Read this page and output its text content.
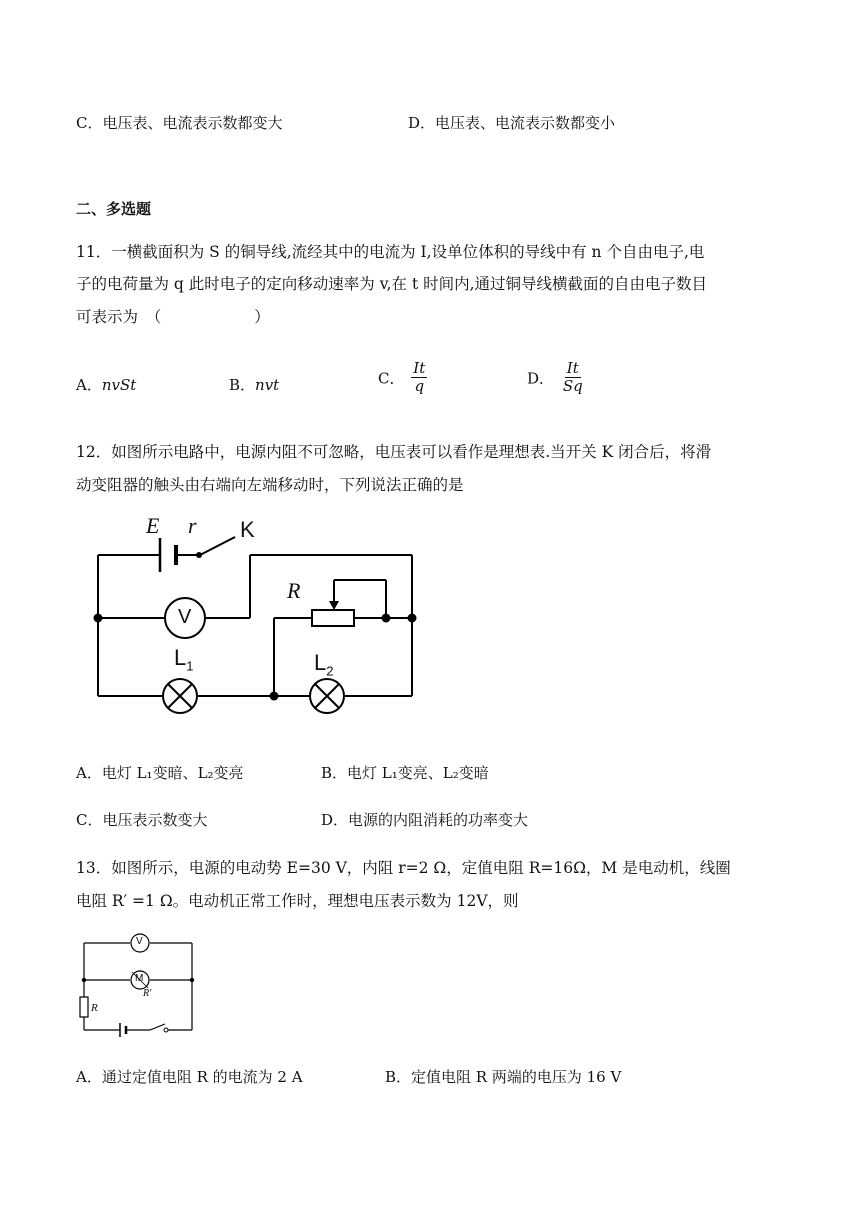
C．电压表、电流表示数都变大	D．电压表、电流表示数都变小
二、多选题
11．一横截面积为 S 的铜导线,流经其中的电流为 I,设单位体积的导线中有 n 个自由电子,电
子的电荷量为 q 此时电子的定向移动速率为 v,在 t 时间内,通过铜导线横截面的自由电子数目
可表示为　（　　　　　　）
A．nvSt	B．nvt	C． $\frac{It}{q}$	D． $\frac{It}{Sq}$
12．如图所示电路中，电源内阻不可忽略，电压表可以看作是理想表.当开关 K 闭合后，将滑
动变阻器的触头由右端向左端移动时，下列说法正确的是
E r K
R
V
$L_1$	$L_2$
A．电灯 L₁变暗、L₂变亮	B．电灯 L₁变亮、L₂变暗
C．电压表示数变大	D．电源的内阻消耗的功率变大
13．如图所示，电源的电动势 E=30 V，内阻 r=2 Ω，定值电阻 R=16Ω，M 是电动机，线圈
电阻 R′ =1 Ω。电动机正常工作时，理想电压表示数为 12V，则
V
M
R′
R
A．通过定值电阻 R 的电流为 2 A	B．定值电阻 R 两端的电压为 16 V
